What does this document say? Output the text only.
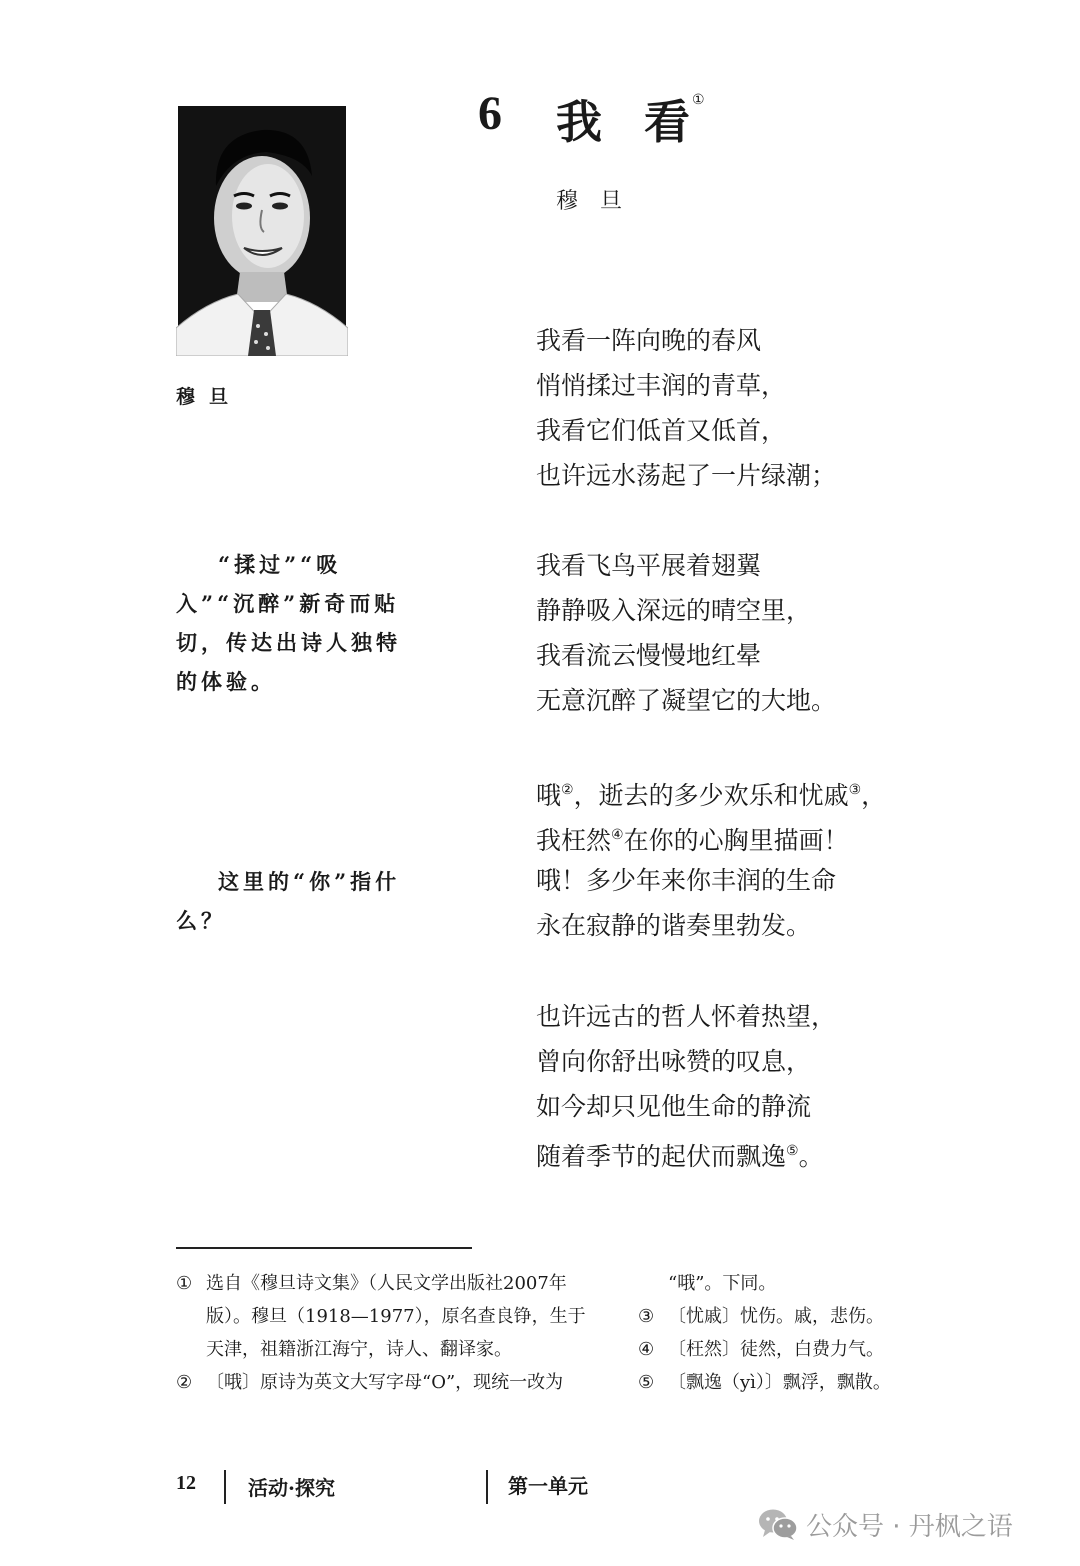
穆旦
6 我 看 ①
穆旦
我看一阵向晚的春风
悄悄揉过丰润的青草，
我看它们低首又低首，
也许远水荡起了一片绿潮；
我看飞鸟平展着翅翼
静静吸入深远的晴空里，
我看流云慢慢地红晕
无意沉醉了凝望它的大地。
哦②，逝去的多少欢乐和忧戚③，
我枉然④在你的心胸里描画！
哦！多少年来你丰润的生命
永在寂静的谐奏里勃发。
也许远古的哲人怀着热望，
曾向你舒出咏赞的叹息，
如今却只见他生命的静流
随着季节的起伏而飘逸⑤。
“揉过”“吸入”“沉醉”新奇而贴切，传达出诗人独特的体验。
这里的“你”指什么？
① 选自《穆旦诗文集》（人民文学出版社2007年版）。穆旦（1918—1977），原名查良铮，生于天津，祖籍浙江海宁，诗人、翻译家。
② 〔哦〕原诗为英文大写字母“O”，现统一改为
“哦”。下同。
③ 〔忧戚〕忧伤。戚，悲伤。
④ 〔枉然〕徒然，白费力气。
⑤ 〔飘逸（yì）〕飘浮，飘散。
12	活动·探究	第一单元
公众号 · 丹枫之语
